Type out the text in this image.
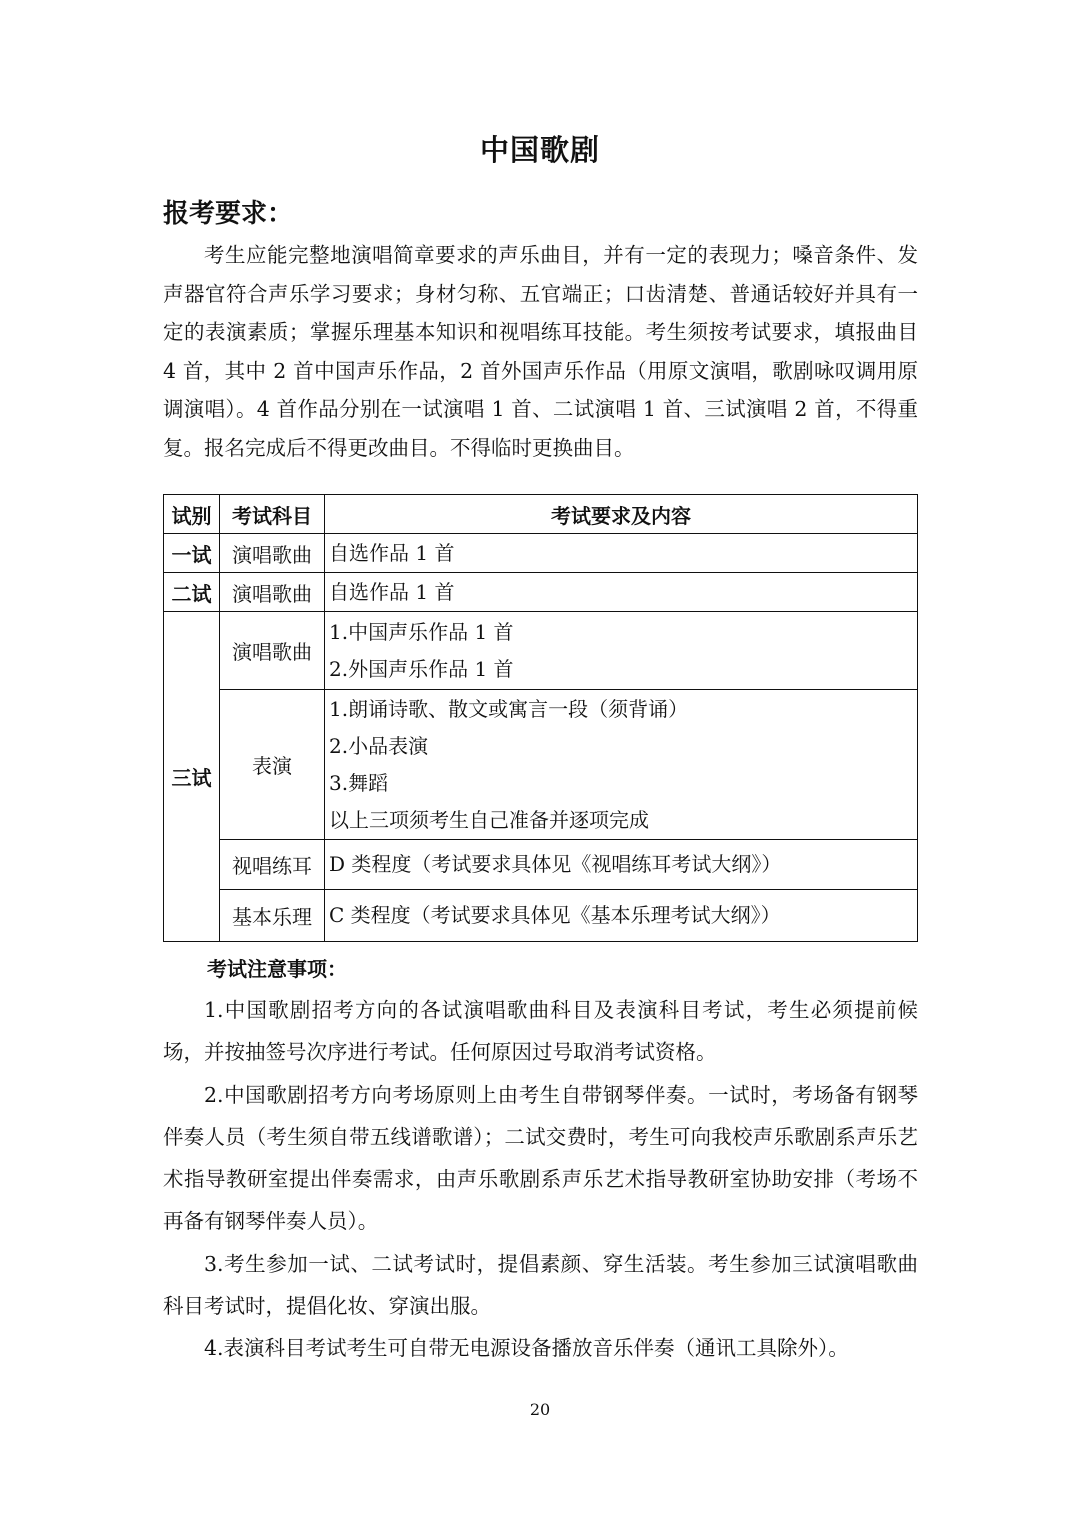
中国歌剧
报考要求：
考生应能完整地演唱简章要求的声乐曲目，并有一定的表现力；嗓音条件、发声器官符合声乐学习要求；身材匀称、五官端正；口齿清楚、普通话较好并具有一定的表演素质；掌握乐理基本知识和视唱练耳技能。考生须按考试要求，填报曲目 4 首，其中 2 首中国声乐作品，2 首外国声乐作品（用原文演唱，歌剧咏叹调用原调演唱）。4 首作品分别在一试演唱 1 首、二试演唱 1 首、三试演唱 2 首，不得重复。报名完成后不得更改曲目。不得临时更换曲目。
试别	考试科目	考试要求及内容
一试	演唱歌曲	自选作品 1 首

二试	演唱歌曲	自选作品 1 首

三试	演唱歌曲	1.中国声乐作品 1 首
2.外国声乐作品 1 首

	表演	1.朗诵诗歌、散文或寓言一段（须背诵）
2.小品表演
3.舞蹈
以上三项须考生自己准备并逐项完成

	视唱练耳	D 类程度（考试要求具体见《视唱练耳考试大纲》）

	基本乐理	C 类程度（考试要求具体见《基本乐理考试大纲》）
考试注意事项：

1.中国歌剧招考方向的各试演唱歌曲科目及表演科目考试，考生必须提前候场，并按抽签号次序进行考试。任何原因过号取消考试资格。

2.中国歌剧招考方向考场原则上由考生自带钢琴伴奏。一试时，考场备有钢琴伴奏人员（考生须自带五线谱歌谱）；二试交费时，考生可向我校声乐歌剧系声乐艺术指导教研室提出伴奏需求，由声乐歌剧系声乐艺术指导教研室协助安排（考场不再备有钢琴伴奏人员）。

3.考生参加一试、二试考试时，提倡素颜、穿生活装。考生参加三试演唱歌曲科目考试时，提倡化妆、穿演出服。

4.表演科目考试考生可自带无电源设备播放音乐伴奏（通讯工具除外）。

20
